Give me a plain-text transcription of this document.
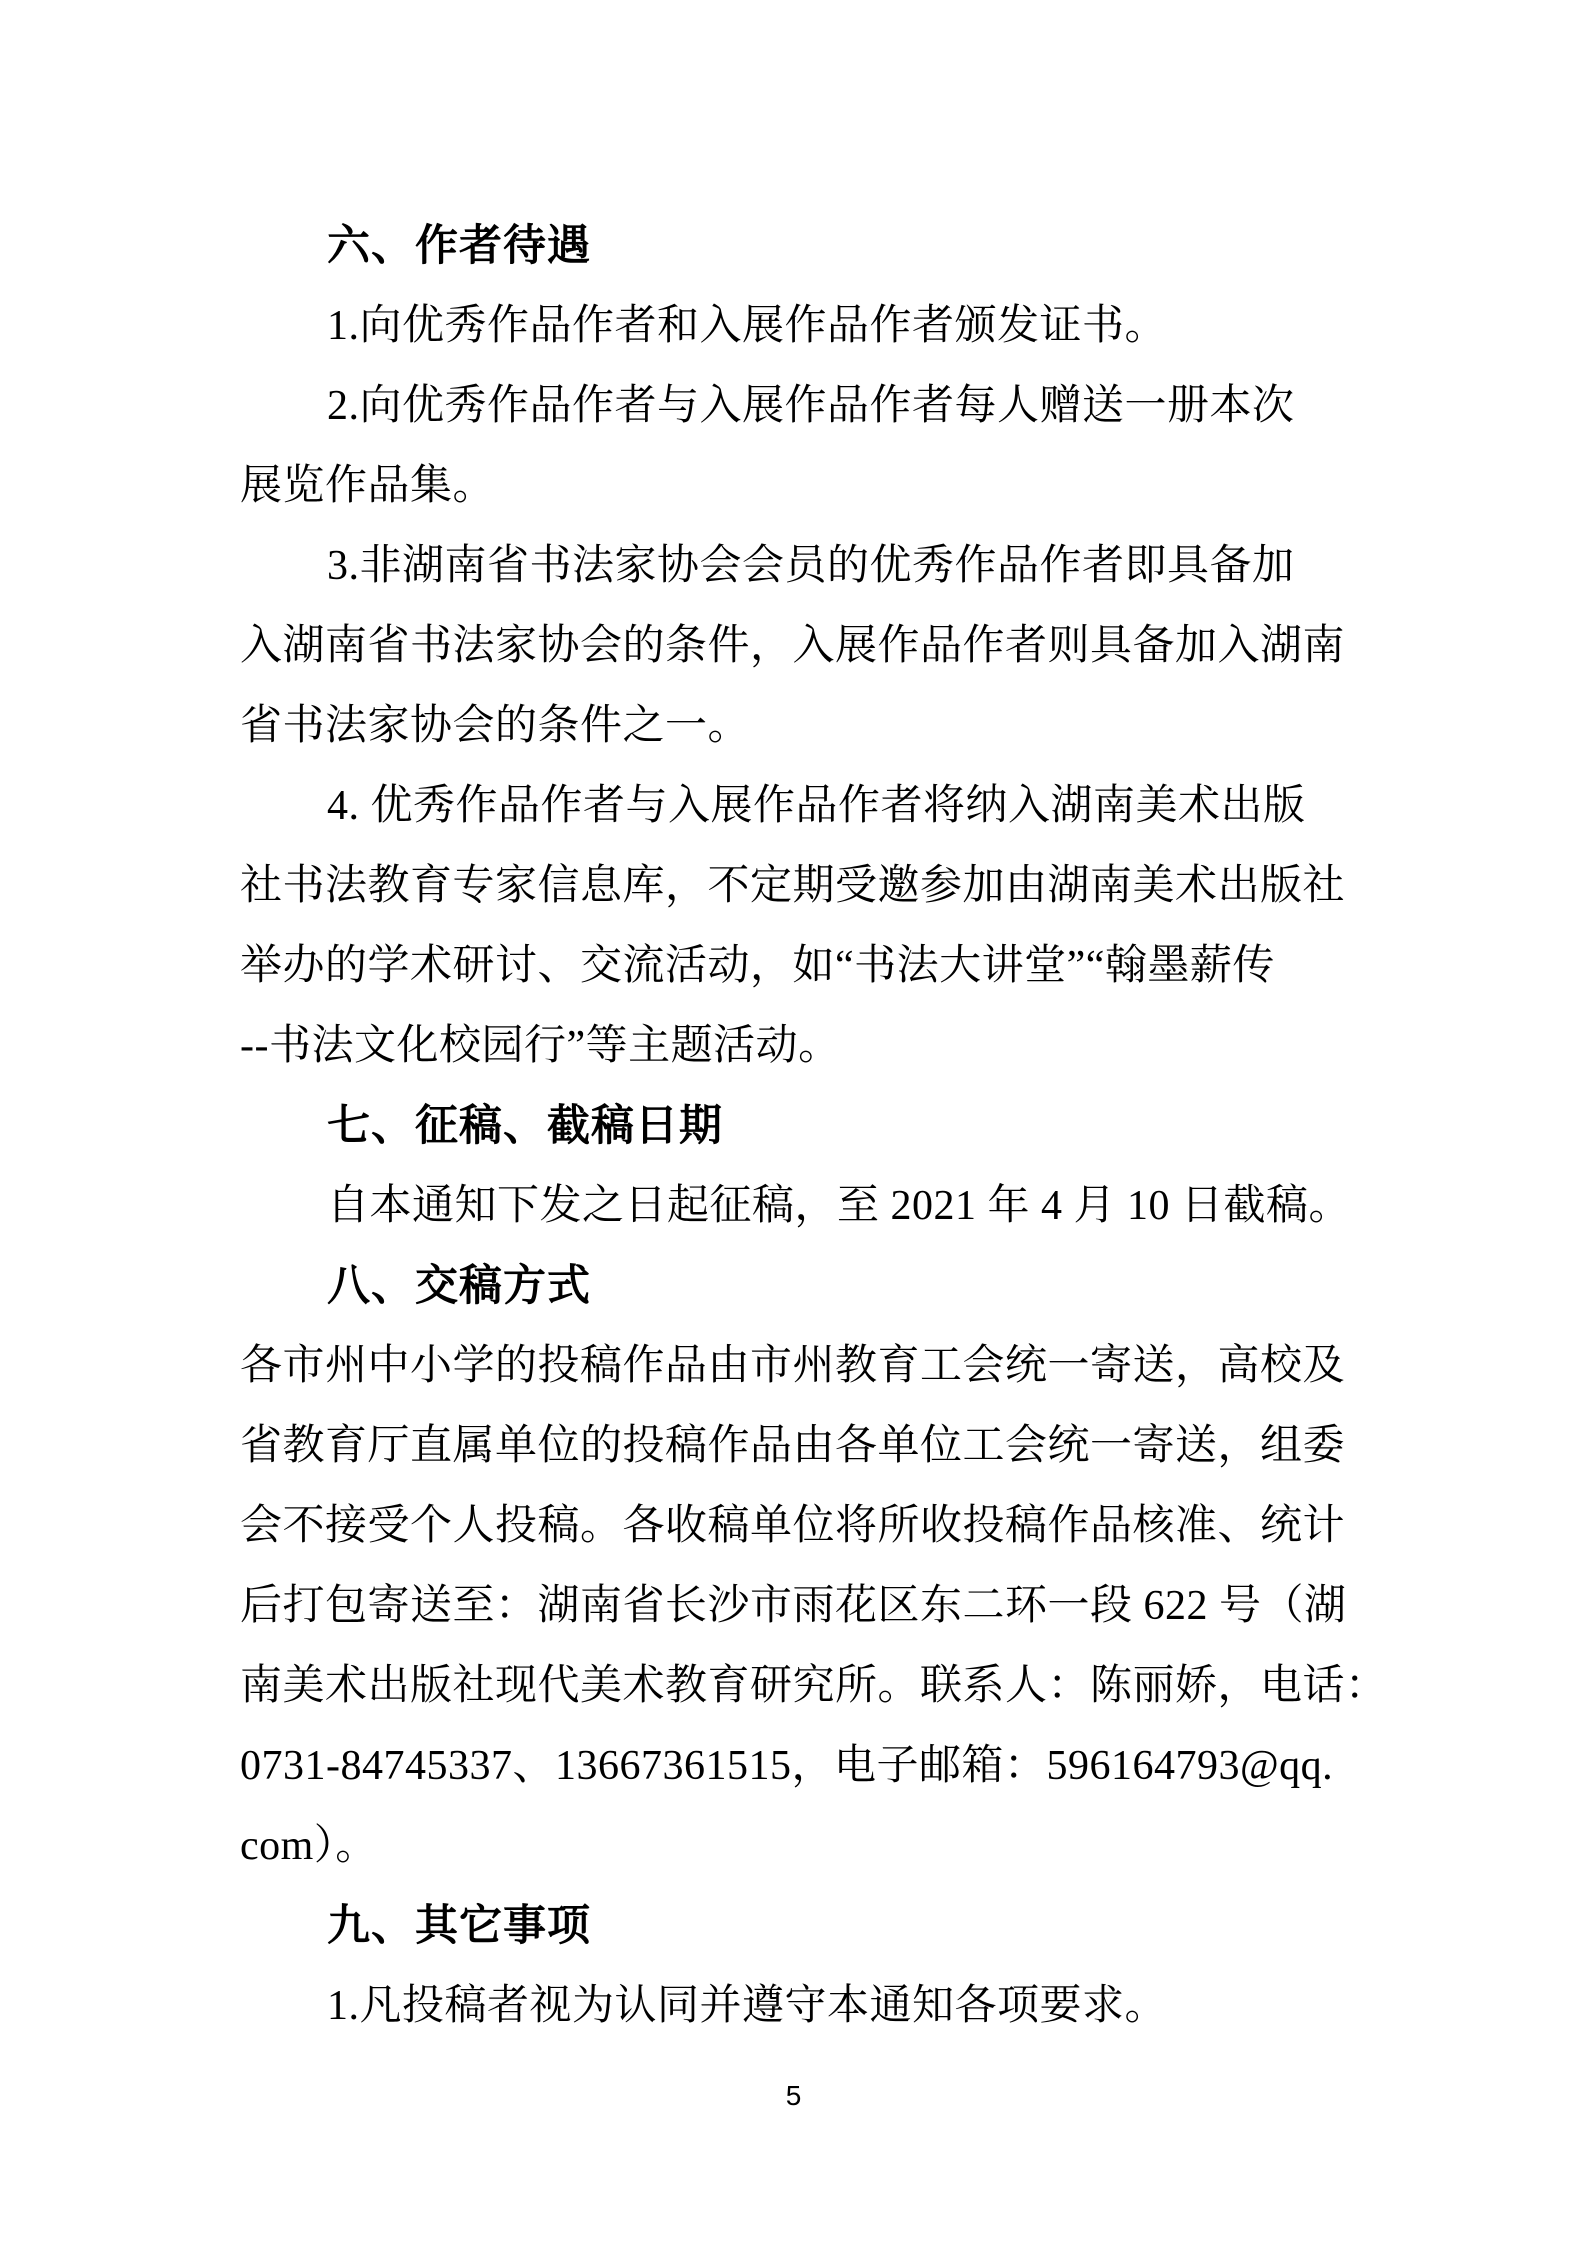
六、作者待遇
1.向优秀作品作者和入展作品作者颁发证书。
2.向优秀作品作者与入展作品作者每人赠送一册本次
展览作品集。
3.非湖南省书法家协会会员的优秀作品作者即具备加
入湖南省书法家协会的条件，入展作品作者则具备加入湖南
省书法家协会的条件之一。
4. 优秀作品作者与入展作品作者将纳入湖南美术出版
社书法教育专家信息库，不定期受邀参加由湖南美术出版社
举办的学术研讨、交流活动，如“书法大讲堂”“翰墨薪传
--书法文化校园行”等主题活动。
七、征稿、截稿日期
自本通知下发之日起征稿，至 2021 年 4 月 10 日截稿。
八、交稿方式
各市州中小学的投稿作品由市州教育工会统一寄送，高校及
省教育厅直属单位的投稿作品由各单位工会统一寄送，组委
会不接受个人投稿。各收稿单位将所收投稿作品核准、统计
后打包寄送至：湖南省长沙市雨花区东二环一段 622 号（湖
南美术出版社现代美术教育研究所。联系人：陈丽娇，电话：
0731-84745337、13667361515，电子邮箱：596164793@qq.
com）。
九、其它事项
1.凡投稿者视为认同并遵守本通知各项要求。
5
